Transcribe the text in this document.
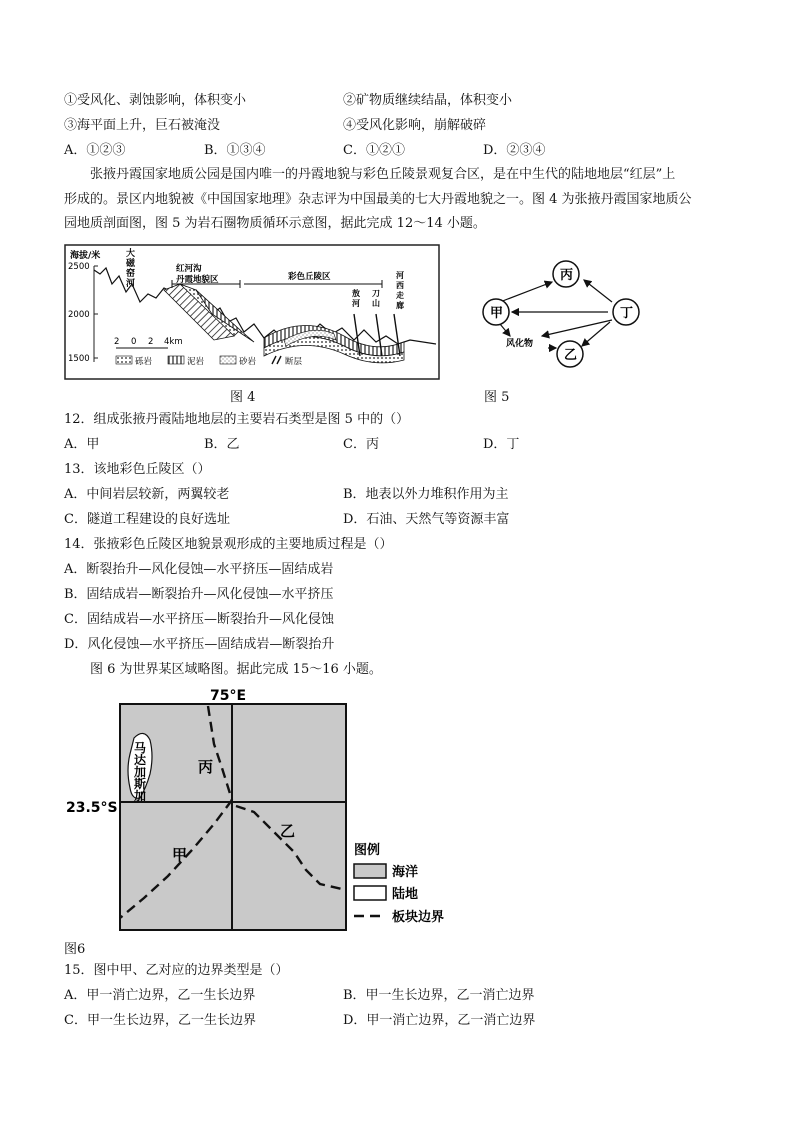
①受风化、剥蚀影响，体积变小	②矿物质继续结晶，体积变小
③海平面上升，巨石被淹没	④受风化影响，崩解破碎
A．①②③	B．①③④	C．①②①	D．②③④
张掖丹霞国家地质公园是国内唯一的丹霞地貌与彩色丘陵景观复合区，是在中生代的陆地地层“红层”上
形成的。景区内地貌被《中国国家地理》杂志评为中国最美的七大丹霞地貌之一。图 4 为张掖丹霞国家地质公
园地质剖面图，图 5 为岩石圈物质循环示意图，据此完成 12～14 小题。
海拔/米
2500
2000
1500
大
磁
窑
河
红河沟
丹霞地貌区	彩色丘陵区
敖
河
刀
山
河
西
走
廊
2 0 2 4km
砾岩	泥岩	砂岩	断层
图 4
丙
甲	丁
乙
风化物
图 5
12．组成张掖丹霞陆地地层的主要岩石类型是图 5 中的（）
A．甲	B．乙	C．丙	D．丁
13．该地彩色丘陵区（）
A．中间岩层较新，两翼较老	B．地表以外力堆积作用为主
C．隧道工程建设的良好选址	D．石油、天然气等资源丰富
14．张掖彩色丘陵区地貌景观形成的主要地质过程是（）
A．断裂抬升—风化侵蚀—水平挤压—固结成岩
B．固结成岩—断裂抬升—风化侵蚀—水平挤压
C．固结成岩—水平挤压—断裂抬升—风化侵蚀
D．风化侵蚀—水平挤压—固结成岩—断裂抬升
图 6 为世界某区域略图。据此完成 15～16 小题。
75°E
23.5°S
马
达
加
斯
加
丙
乙
甲	图例
海洋
陆地
板块边界
图6
15．图中甲、乙对应的边界类型是（）
A．甲一消亡边界，乙一生长边界	B．甲一生长边界，乙一消亡边界
C．甲一生长边界，乙一生长边界	D．甲一消亡边界，乙一消亡边界
